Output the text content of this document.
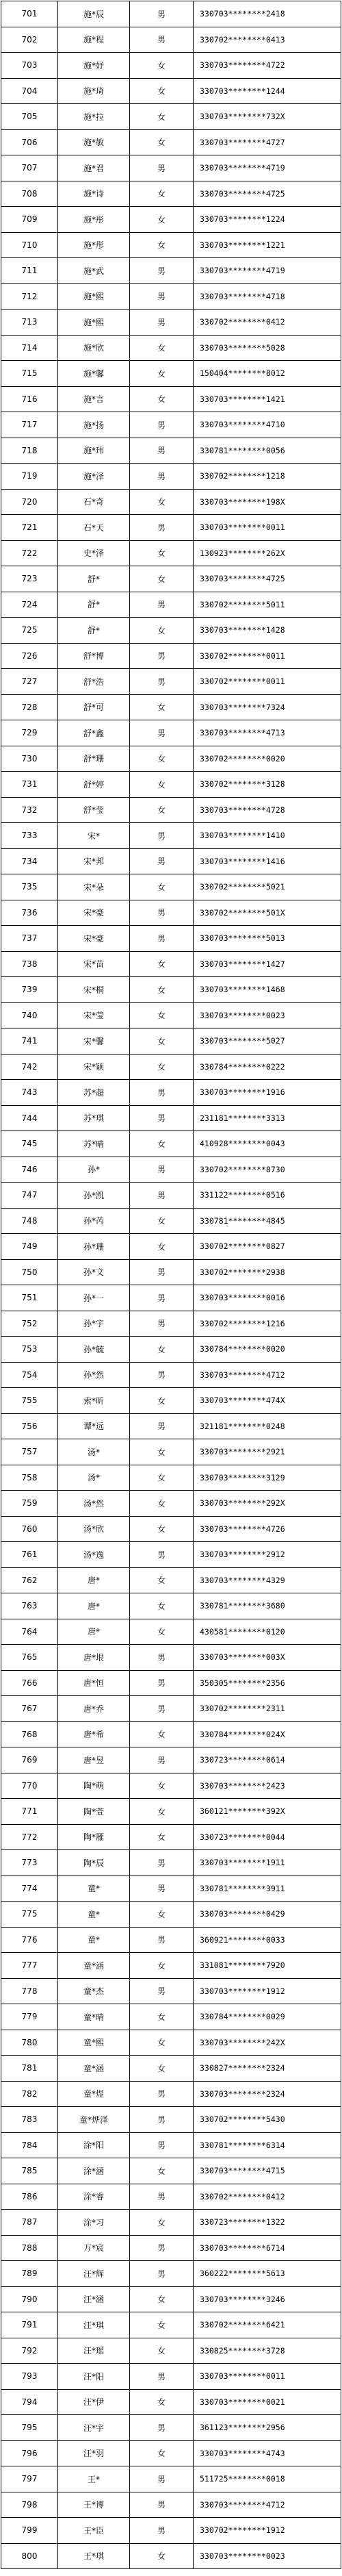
701	施*辰	男	330703********2418
702	施*程	男	330702********0413
703	施*妤	女	330703********4722
704	施*琦	女	330703********1244
705	施*拉	女	330703********732X
706	施*敏	女	330703********4727
707	施*君	男	330703********4719
708	施*诗	女	330703********4725
709	施*彤	女	330703********1224
710	施*彤	女	330703********1221
711	施*武	男	330703********4719
712	施*熙	男	330703********4718
713	施*熙	男	330702********0412
714	施*欣	女	330703********5028
715	施*馨	女	150404********8012
716	施*言	女	330703********1421
717	施*扬	男	330703********4710
718	施*玮	男	330781********0056
719	施*泽	男	330702********1218
720	石*奇	女	330703********198X
721	石*天	男	330703********0011
722	史*泽	女	130923********262X
723	舒*	女	330703********4725
724	舒*	男	330702********5011
725	舒*	女	330703********1428
726	舒*博	男	330702********0011
727	舒*浩	男	330702********0011
728	舒*可	女	330703********7324
729	舒*鑫	男	330703********4713
730	舒*珊	女	330702********0020
731	舒*婷	女	330702********3128
732	舒*莹	女	330703********4728
733	宋*	男	330703********1410
734	宋*邦	男	330703********1416
735	宋*朵	女	330702********5021
736	宋*豪	男	330702********501X
737	宋*豪	男	330703********5013
738	宋*苗	女	330703********1427
739	宋*桐	女	330703********1468
740	宋*莹	女	330703********0023
741	宋*馨	女	330703********5027
742	宋*颖	女	330784********0222
743	苏*超	男	330703********1916
744	苏*琪	男	231181********3313
745	苏*晴	女	410928********0043
746	孙*	男	330702********8730
747	孙*凯	男	331122********0516
748	孙*芮	女	330781********4845
749	孙*珊	女	330702********0827
750	孙*文	男	330702********2938
751	孙*一	男	330703********0016
752	孙*宇	男	330702********1216
753	孙*毓	女	330784********0020
754	孙*然	男	330703********4712
755	索*昕	女	330703********474X
756	谭*远	男	321181********0248
757	汤*	女	330703********2921
758	汤*	女	330703********3129
759	汤*然	女	330703********292X
760	汤*欣	女	330703********4726
761	汤*逸	男	330703********2912
762	唐*	女	330703********4329
763	唐*	女	330781********3680
764	唐*	女	430581********0120
765	唐*垠	男	330703********003X
766	唐*恒	男	350305********2356
767	唐*乔	男	330702********2311
768	唐*希	女	330784********024X
769	唐*昱	男	330723********0614
770	陶*萌	女	330703********2423
771	陶*萱	女	360121********392X
772	陶*雁	女	330723********0044
773	陶*辰	男	330703********1911
774	童*	男	330781********3911
775	童*	女	330703********0429
776	童*	男	360921********0033
777	童*涵	女	331081********7920
778	童*杰	男	330703********1912
779	童*晴	女	330784********0029
780	童*熙	女	330703********242X
781	童*涵	女	330827********2324
782	童*煜	男	330703********2324
783	童*烨泽	男	330702********5430
784	涂*阳	男	330781********6314
785	涂*涵	女	330703********4715
786	涂*睿	男	330702********0412
787	涂*习	女	330723********1322
788	万*宸	男	330703********6714
789	汪*辉	男	360222********5613
790	汪*涵	女	330703********3246
791	汪*琪	女	330702********6421
792	汪*瑶	女	330825********3728
793	汪*阳	男	330703********0011
794	汪*伊	女	330703********0021
795	汪*宇	男	361123********2956
796	汪*羽	女	330703********4743
797	王*	男	511725********0018
798	王*博	男	330703********4712
799	王*臣	男	330702********1912
800	王*琪	女	330703********0023
